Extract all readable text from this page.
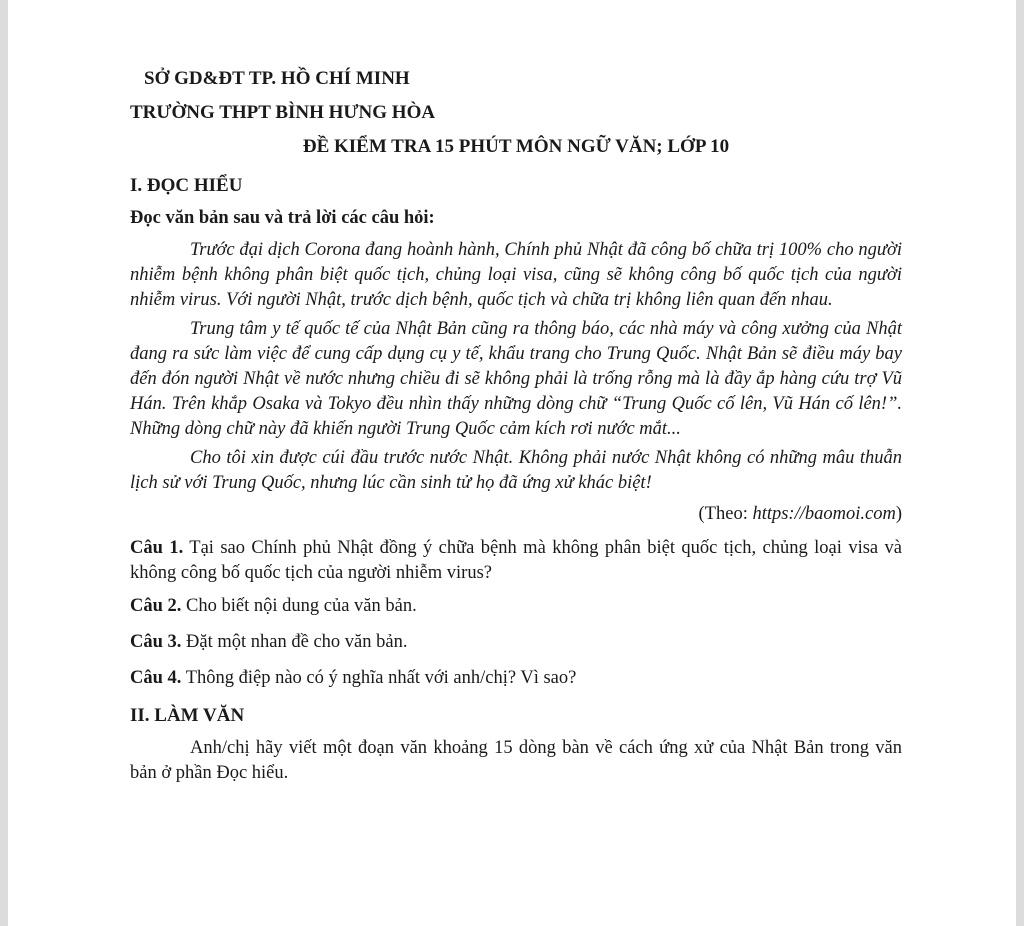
SỞ GD&ĐT TP. HỒ CHÍ MINH
TRƯỜNG THPT BÌNH HƯNG HÒA
ĐỀ KIỂM TRA 15 PHÚT MÔN NGỮ VĂN; LỚP 10
I. ĐỌC HIỂU
Đọc văn bản sau và trả lời các câu hỏi:

Trước đại dịch Corona đang hoành hành, Chính phủ Nhật đã công bố chữa trị 100% cho người nhiễm bệnh không phân biệt quốc tịch, chủng loại visa, cũng sẽ không công bố quốc tịch của người nhiễm virus. Với người Nhật, trước dịch bệnh, quốc tịch và chữa trị không liên quan đến nhau.

Trung tâm y tế quốc tế của Nhật Bản cũng ra thông báo, các nhà máy và công xưởng của Nhật đang ra sức làm việc để cung cấp dụng cụ y tế, khẩu trang cho Trung Quốc. Nhật Bản sẽ điều máy bay đến đón người Nhật về nước nhưng chiều đi sẽ không phải là trống rỗng mà là đầy ắp hàng cứu trợ Vũ Hán. Trên khắp Osaka và Tokyo đều nhìn thấy những dòng chữ “Trung Quốc cố lên, Vũ Hán cố lên!”. Những dòng chữ này đã khiến người Trung Quốc cảm kích rơi nước mắt...

Cho tôi xin được cúi đầu trước nước Nhật. Không phải nước Nhật không có những mâu thuẫn lịch sử với Trung Quốc, nhưng lúc cần sinh tử họ đã ứng xử khác biệt!

(Theo: https://baomoi.com)
Câu 1. Tại sao Chính phủ Nhật đồng ý chữa bệnh mà không phân biệt quốc tịch, chủng loại visa và không công bố quốc tịch của người nhiễm virus?
Câu 2. Cho biết nội dung của văn bản.
Câu 3. Đặt một nhan đề cho văn bản.
Câu 4. Thông điệp nào có ý nghĩa nhất với anh/chị? Vì sao?
II. LÀM VĂN
Anh/chị hãy viết một đoạn văn khoảng 15 dòng bàn về cách ứng xử của Nhật Bản trong văn bản ở phần Đọc hiểu.
